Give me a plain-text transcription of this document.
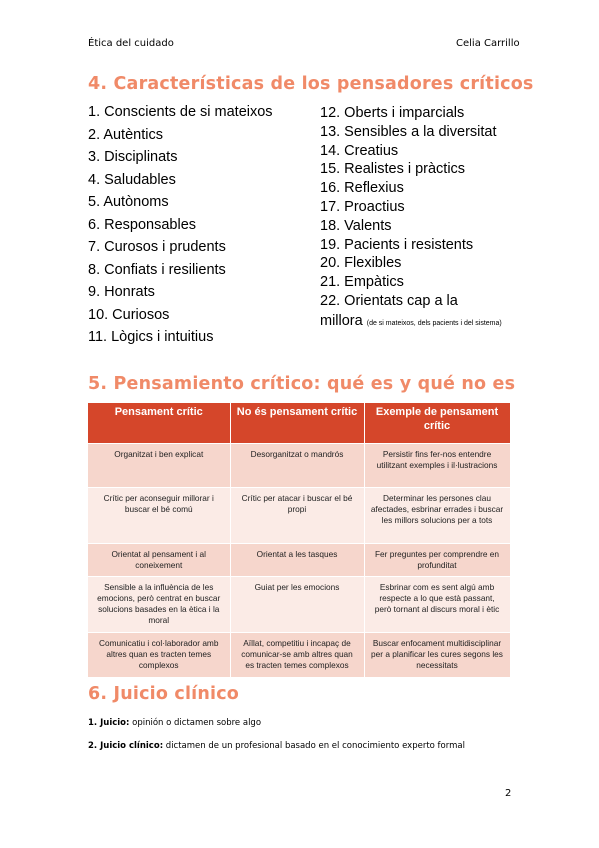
Ética del cuidado	Celia Carrillo
4. Características de los pensadores críticos
1. Conscients de si mateixos
2. Autèntics
3. Disciplinats
4. Saludables
5. Autònoms
6. Responsables
7. Curosos i prudents
8. Confiats i resilients
9. Honrats
10. Curiosos
11. Lògics i intuitius
12. Oberts i imparcials
13. Sensibles a la diversitat
14. Creatius
15. Realistes i pràctics
16. Reflexius
17. Proactius
18. Valents
19. Pacients i resistents
20. Flexibles
21. Empàtics
22. Orientats cap a la
millora (de si mateixos, dels pacients i del sistema)
5. Pensamiento crítico: qué es y qué no es
Pensament crític	No és pensament crític	Exemple de pensament crític
Organitzat i ben explicat	Desorganitzat o mandrós	Persistir fins fer-nos entendre utilitzant exemples i il·lustracions
Crític per aconseguir millorar i buscar el bé comú	Crític per atacar i buscar el bé propi	Determinar les persones clau afectades, esbrinar errades i buscar les millors solucions per a tots
Orientat al pensament i al coneixement	Orientat a les tasques	Fer preguntes per comprendre en profunditat
Sensible a la influència de les emocions, però centrat en buscar solucions basades en la ètica i la moral	Guiat per les emocions	Esbrinar com es sent algú amb respecte a lo que està passant, però tornant al discurs moral i ètic
Comunicatiu i col·laborador amb altres quan es tracten temes complexos	Aïllat, competitiu i incapaç de comunicar-se amb altres quan es tracten temes complexos	Buscar enfocament multidisciplinar per a planificar les cures segons les necessitats
6. Juicio clínico
1. Juicio: opinión o dictamen sobre algo
2. Juicio clínico: dictamen de un profesional basado en el conocimiento experto formal
2
